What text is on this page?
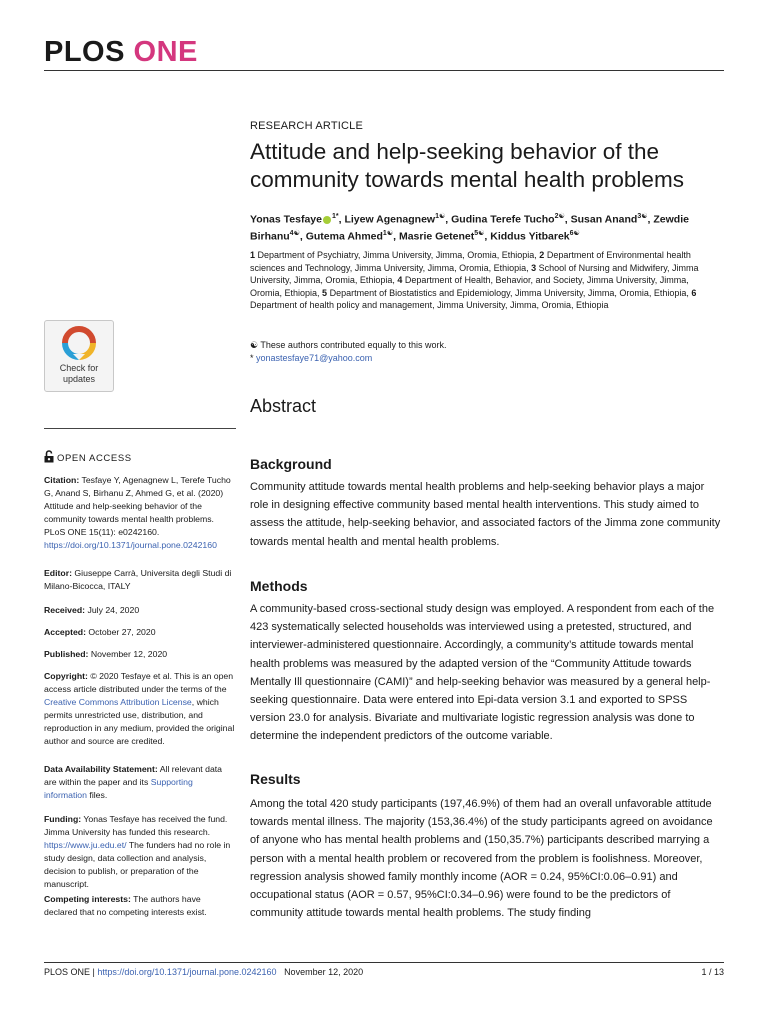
PLOS ONE
RESEARCH ARTICLE
Attitude and help-seeking behavior of the community towards mental health problems
Yonas Tesfaye $^{1*}$, Liyew Agenagnew$^{1☯}$, Gudina Terefe Tucho$^{2☯}$, Susan Anand$^{3☯}$, Zewdie Birhanu$^{4☯}$, Gutema Ahmed$^{1☯}$, Masrie Getenet$^{5☯}$, Kiddus Yitbarek$^{6☯}$
1 Department of Psychiatry, Jimma University, Jimma, Oromia, Ethiopia, 2 Department of Environmental health sciences and Technology, Jimma University, Jimma, Oromia, Ethiopia, 3 School of Nursing and Midwifery, Jimma University, Jimma, Oromia, Ethiopia, 4 Department of Health, Behavior, and Society, Jimma University, Jimma, Oromia, Ethiopia, 5 Department of Biostatistics and Epidemiology, Jimma University, Jimma, Oromia, Ethiopia, 6 Department of health policy and management, Jimma University, Jimma, Oromia, Ethiopia
☯ These authors contributed equally to this work.
* yonastesfaye71@yahoo.com
Abstract
Background
Community attitude towards mental health problems and help-seeking behavior plays a major role in designing effective community based mental health interventions. This study aimed to assess the attitude, help-seeking behavior, and associated factors of the Jimma zone community towards mental health and mental health problems.
Methods
A community-based cross-sectional study design was employed. A respondent from each of the 423 systematically selected households was interviewed using a pretested, structured, and interviewer-administered questionnaire. Accordingly, a community’s attitude towards mental health problems was measured by the adapted version of the “Community Attitude towards Mentally Ill questionnaire (CAMI)” and help-seeking behavior was measured by a general help-seeking questionnaire. Data were entered into Epi-data version 3.1 and exported to SPSS version 23.0 for analysis. Bivariate and multivariate logistic regression analysis was done to determine the independent predictors of the outcome variable.
Results
Among the total 420 study participants (197,46.9%) of them had an overall unfavorable attitude towards mental illness. The majority (153,36.4%) of the study participants agreed on avoidance of anyone who has mental health problems and (150,35.7%) participants described marrying a person with a mental health problem or recovered from the problem is foolishness. Moreover, regression analysis showed family monthly income (AOR = 0.24, 95%CI:0.06–0.91) and occupational status (AOR = 0.57, 95%CI:0.34–0.96) were found to be the predictors of community attitude towards mental health problems. The study finding
Check for
updates
OPEN ACCESS
Citation: Tesfaye Y, Agenagnew L, Terefe Tucho G, Anand S, Birhanu Z, Ahmed G, et al. (2020) Attitude and help-seeking behavior of the community towards mental health problems. PLoS ONE 15(11): e0242160. https://doi.org/10.1371/journal.pone.0242160
Editor: Giuseppe Carrà, Universita degli Studi di Milano-Bicocca, ITALY
Received: July 24, 2020
Accepted: October 27, 2020
Published: November 12, 2020
Copyright: © 2020 Tesfaye et al. This is an open access article distributed under the terms of the Creative Commons Attribution License, which permits unrestricted use, distribution, and reproduction in any medium, provided the original author and source are credited.
Data Availability Statement: All relevant data are within the paper and its Supporting information files.
Funding: Yonas Tesfaye has received the fund. Jimma University has funded this research. https://www.ju.edu.et/ The funders had no role in study design, data collection and analysis, decision to publish, or preparation of the manuscript.
Competing interests: The authors have declared that no competing interests exist.
PLOS ONE | https://doi.org/10.1371/journal.pone.0242160 November 12, 2020	1 / 13
